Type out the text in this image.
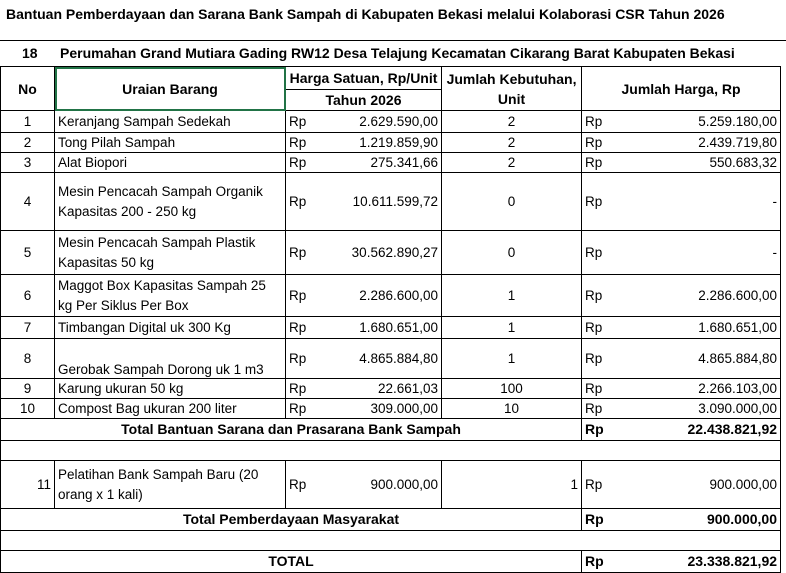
Bantuan Pemberdayaan dan Sarana Bank Sampah di Kabupaten Bekasi melalui Kolaborasi CSR Tahun 2026
18 Perumahan Grand Mutiara Gading RW12 Desa Telajung Kecamatan Cikarang Barat Kabupaten Bekasi
No	Uraian Barang	Harga Satuan, Rp/Unit		Jumlah Kebutuhan, Unit	Jumlah Harga, Rp	
		Tahun 2026				
1	Keranjang Sampah Sedekah	Rp	2.629.590,00	2	Rp	5.259.180,00
2	Tong Pilah Sampah	Rp	1.219.859,90	2	Rp	2.439.719,80
3	Alat Biopori	Rp	275.341,66	2	Rp	550.683,32
4	Mesin Pencacah Sampah Organik Kapasitas 200 - 250 kg	Rp	10.611.599,72	0	Rp	-
5	Mesin Pencacah Sampah Plastik Kapasitas 50 kg	Rp	30.562.890,27	0	Rp	-
6	Maggot Box Kapasitas Sampah 25 kg Per Siklus Per Box	Rp	2.286.600,00	1	Rp	2.286.600,00
7	Timbangan Digital uk 300 Kg	Rp	1.680.651,00	1	Rp	1.680.651,00
8	Gerobak Sampah Dorong uk 1 m3	Rp	4.865.884,80	1	Rp	4.865.884,80
9	Karung ukuran 50 kg	Rp	22.661,03	100	Rp	2.266.103,00
10	Compost Bag ukuran 200 liter	Rp	309.000,00	10	Rp	3.090.000,00
Total Bantuan Sarana dan Prasarana Bank Sampah					Rp	22.438.821,92

11	Pelatihan Bank Sampah Baru (20 orang x 1 kali)	Rp	900.000,00	1	Rp	900.000,00
Total Pemberdayaan Masyarakat					Rp	900.000,00

TOTAL					Rp	23.338.821,92
